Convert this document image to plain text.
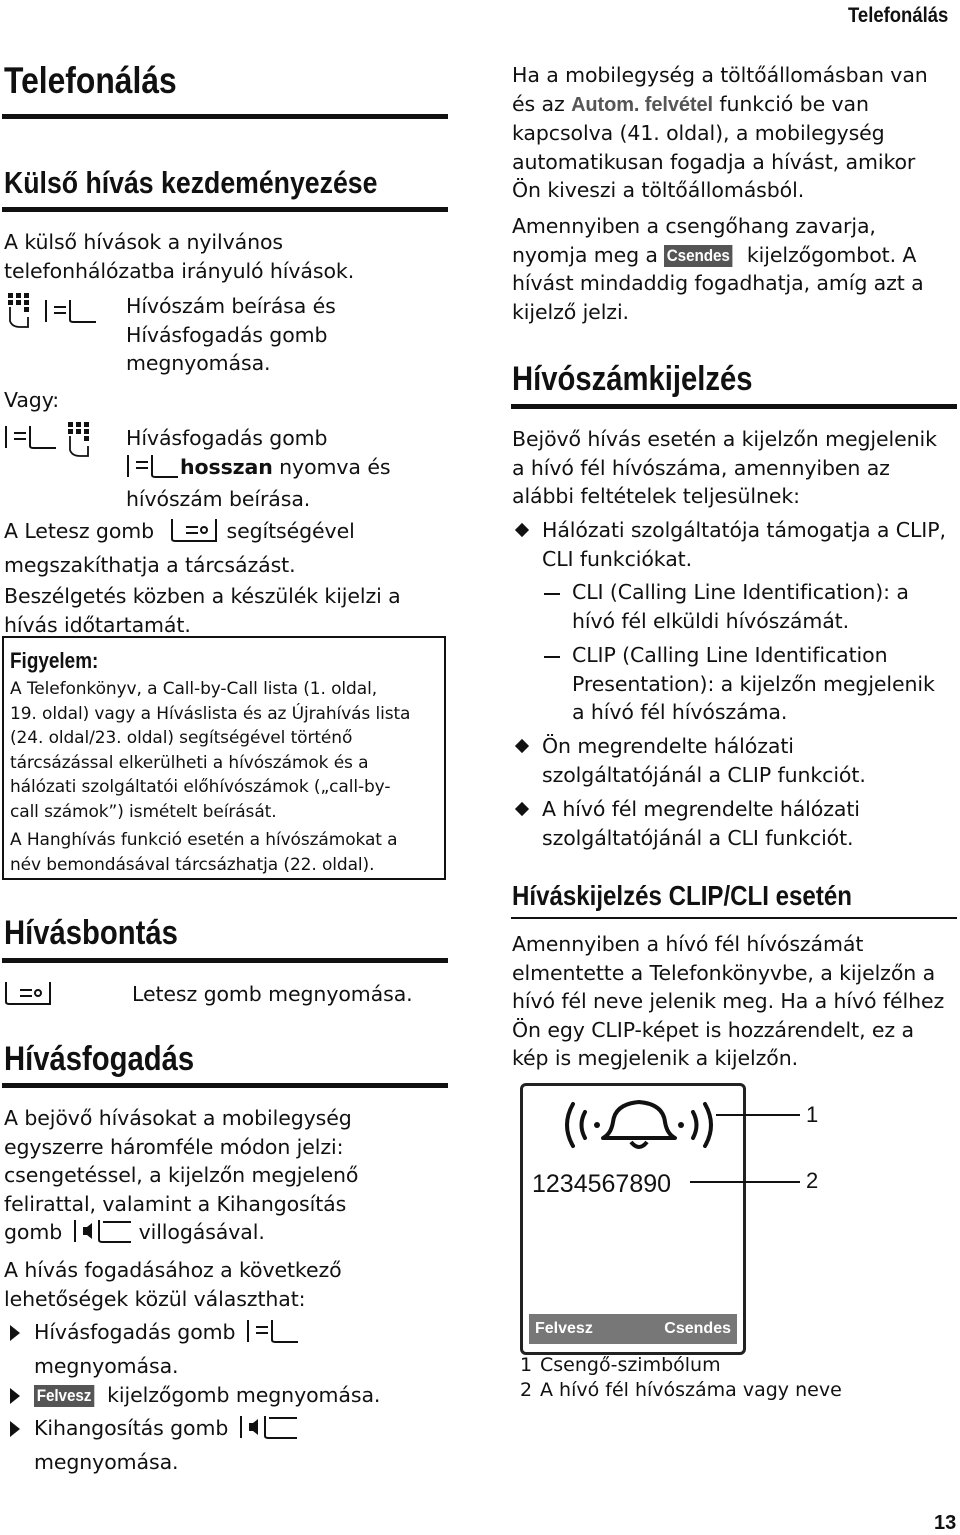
Telefonálás
Telefonálás
Külső hívás kezdeményezése
A külső hívások a nyilvános
telefonhálózatba irányuló hívások.
Hívószám beírása és
Hívásfogadás gomb
megnyomása.
Vagy:
Hívásfogadás gomb
hosszan nyomva és
hívószám beírása.
A Letesz gomb	segítségével
megszakíthatja a tárcsázást.
Beszélgetés közben a készülék kijelzi a
hívás időtartamát.
Figyelem:
A Telefonkönyv, a Call-by-Call lista (1. oldal,
19. oldal) vagy a Híváslista és az Újrahívás lista
(24. oldal/23. oldal) segítségével történő
tárcsázással elkerülheti a hívószámok és a
hálózati szolgáltatói előhívószámok („call-by-
call számok”) ismételt beírását.
A Hanghívás funkció esetén a hívószámokat a
név bemondásával tárcsázhatja (22. oldal).
Hívásbontás
Letesz gomb megnyomása.
Hívásfogadás
A bejövő hívásokat a mobilegység
egyszerre háromféle módon jelzi:
csengetéssel, a kijelzőn megjelenő
felirattal, valamint a Kihangosítás
gomb	villogásával.
A hívás fogadásához a következő
lehetőségek közül választhat:
Hívásfogadás gomb
megnyomása.
Felvesz kijelzőgomb megnyomása.
Kihangosítás gomb
megnyomása.
Ha a mobilegység a töltőállomásban van
és az Autom. felvétel funkció be van
kapcsolva (41. oldal), a mobilegység
automatikusan fogadja a hívást, amikor
Ön kiveszi a töltőállomásból.
Amennyiben a csengőhang zavarja,
nyomja meg a Csendes kijelzőgombot. A
hívást mindaddig fogadhatja, amíg azt a
kijelző jelzi.
Hívószámkijelzés
Bejövő hívás esetén a kijelzőn megjelenik
a hívó fél hívószáma, amennyiben az
alábbi feltételek teljesülnek:
Hálózati szolgáltatója támogatja a CLIP,
CLI funkciókat.
CLI (Calling Line Identification): a
hívó fél elküldi hívószámát.
CLIP (Calling Line Identification
Presentation): a kijelzőn megjelenik
a hívó fél hívószáma.
Ön megrendelte hálózati
szolgáltatójánál a CLIP funkciót.
A hívó fél megrendelte hálózati
szolgáltatójánál a CLI funkciót.
Híváskijelzés CLIP/CLI esetén
Amennyiben a hívó fél hívószámát
elmentette a Telefonkönyvbe, a kijelzőn a
hívó fél neve jelenik meg. Ha a hívó félhez
Ön egy CLIP-képet is hozzárendelt, ez a
kép is megjelenik a kijelzőn.
1234567890
Felvesz	Csendes
1
2
1 Csengő-szimbólum
2 A hívó fél hívószáma vagy neve
13
